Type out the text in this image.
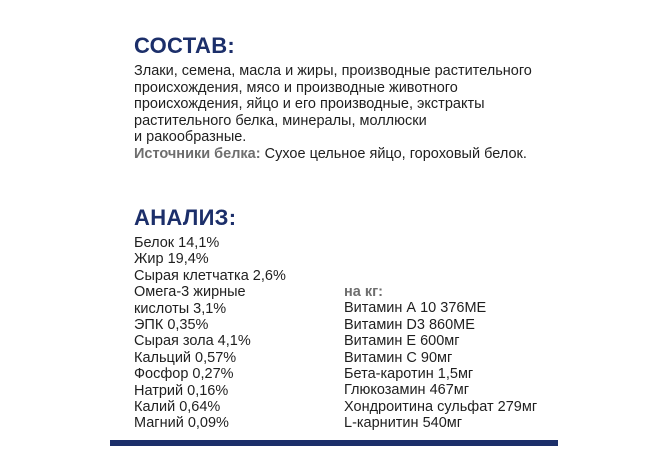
СОСТАВ:

Злаки, семена, масла и жиры, производные растительного

происхождения, мясо и производные животного

происхождения, яйцо и его производные, экстракты

растительного белка, минералы, моллюски

и ракообразные.

Источники белка: Сухое цельное яйцо, гороховый белок.

АНАЛИЗ:
Белок 14,1%
Жир 19,4%
Сырая клетчатка 2,6%
Омега-3 жирные
кислоты 3,1%
ЭПК 0,35%
Сырая зола 4,1%
Кальций 0,57%
Фосфор 0,27%
Натрий 0,16%
Калий 0,64%
Магний 0,09%
на кг:
Витамин А 10 376МЕ
Витамин D3 860МЕ
Витамин Е 600мг
Витамин С 90мг
Бета-каротин 1,5мг
Глюкозамин 467мг
Хондроитина сульфат 279мг
L-карнитин 540мг
